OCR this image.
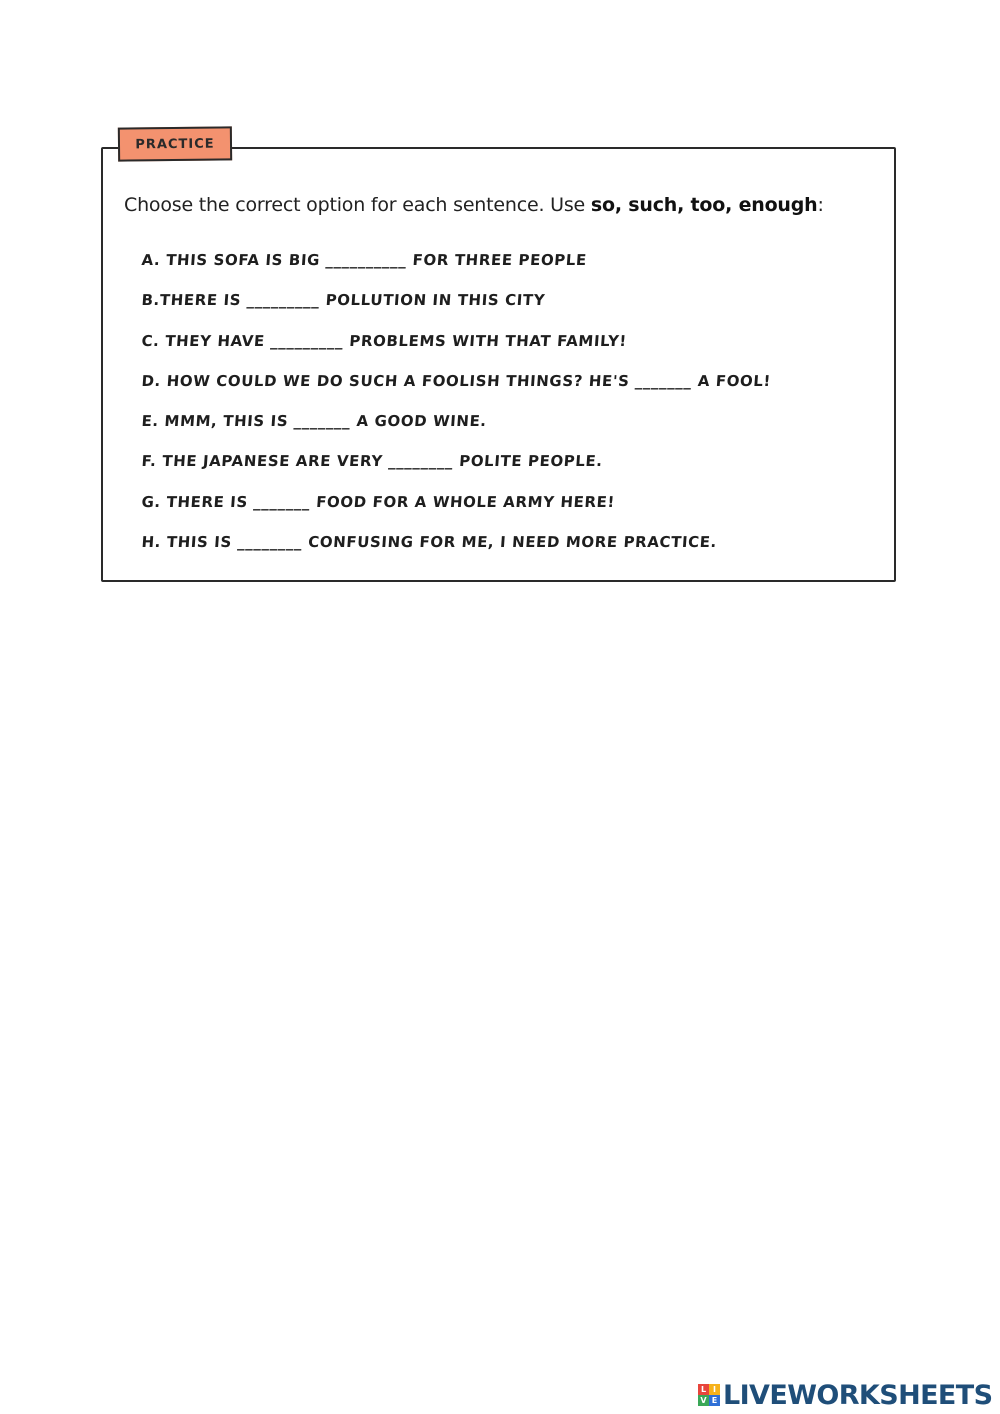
PRACTICE
Choose the correct option for each sentence. Use so, such, too, enough:
A. THIS SOFA IS BIG __________ FOR THREE PEOPLE
B.THERE IS _________ POLLUTION IN THIS CITY
C. THEY HAVE _________ PROBLEMS WITH THAT FAMILY!
D. HOW COULD WE DO SUCH A FOOLISH THINGS? HE'S _______ A FOOL!
E. MMM, THIS IS _______ A GOOD WINE.
F. THE JAPANESE ARE VERY ________ POLITE PEOPLE.
G. THERE IS _______ FOOD FOR A WHOLE ARMY HERE!
H. THIS IS ________ CONFUSING FOR ME, I NEED MORE PRACTICE.
L I
V E LIVEWORKSHEETS
